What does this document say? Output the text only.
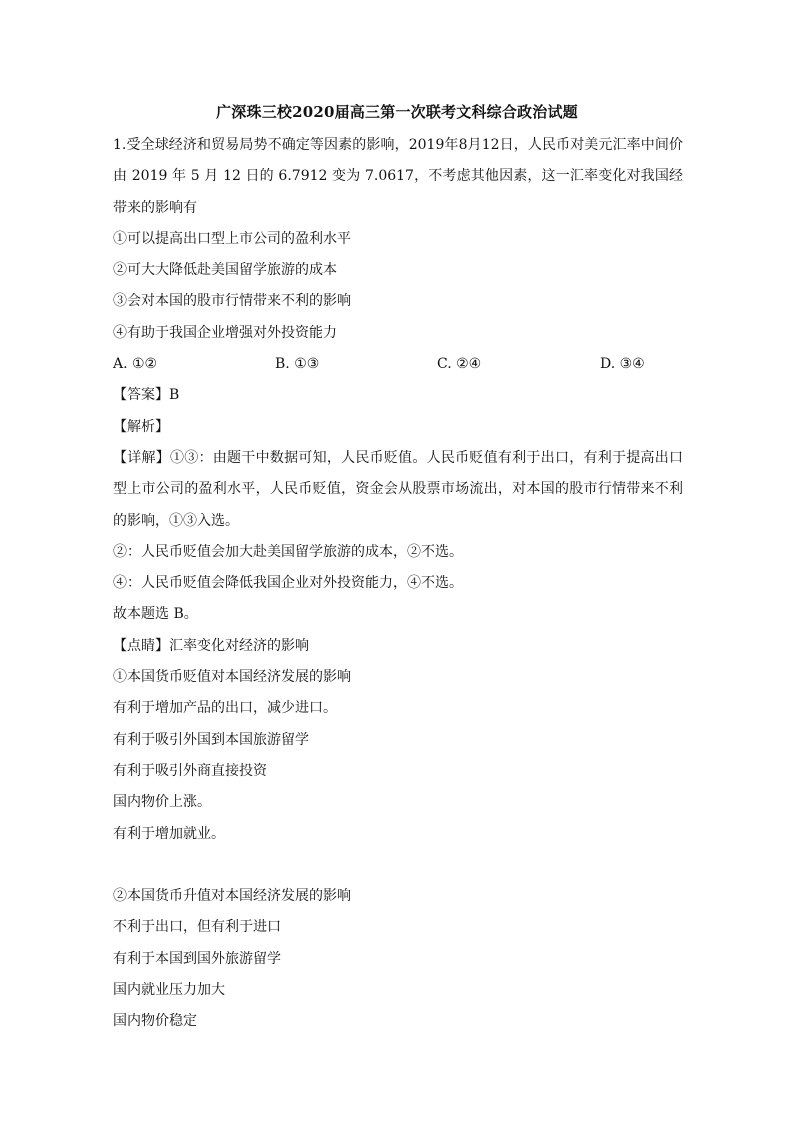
广深珠三校2020届高三第一次联考文科综合政治试题
1.受全球经济和贸易局势不确定等因素的影响，2019年8月12日，人民币对美元汇率中间价
由 2019 年 5 月 12 日的 6.7912 变为 7.0617，不考虑其他因素，这一汇率变化对我国经
带来的影响有
①可以提高出口型上市公司的盈利水平
②可大大降低赴美国留学旅游的成本
③会对本国的股市行情带来不利的影响
④有助于我国企业增强对外投资能力
A. ①②	B. ①③	C. ②④	D. ③④
【答案】B
【解析】
【详解】①③：由题干中数据可知，人民币贬值。人民币贬值有利于出口，有利于提高出口
型上市公司的盈利水平，人民币贬值，资金会从股票市场流出，对本国的股市行情带来不利
的影响，①③入选。
②：人民币贬值会加大赴美国留学旅游的成本，②不选。
④：人民币贬值会降低我国企业对外投资能力，④不选。
故本题选 B。
【点睛】汇率变化对经济的影响
①本国货币贬值对本国经济发展的影响
有利于增加产品的出口，减少进口。
有利于吸引外国到本国旅游留学
有利于吸引外商直接投资
国内物价上涨。
有利于增加就业。
②本国货币升值对本国经济发展的影响
不利于出口，但有利于进口
有利于本国到国外旅游留学
国内就业压力加大
国内物价稳定
